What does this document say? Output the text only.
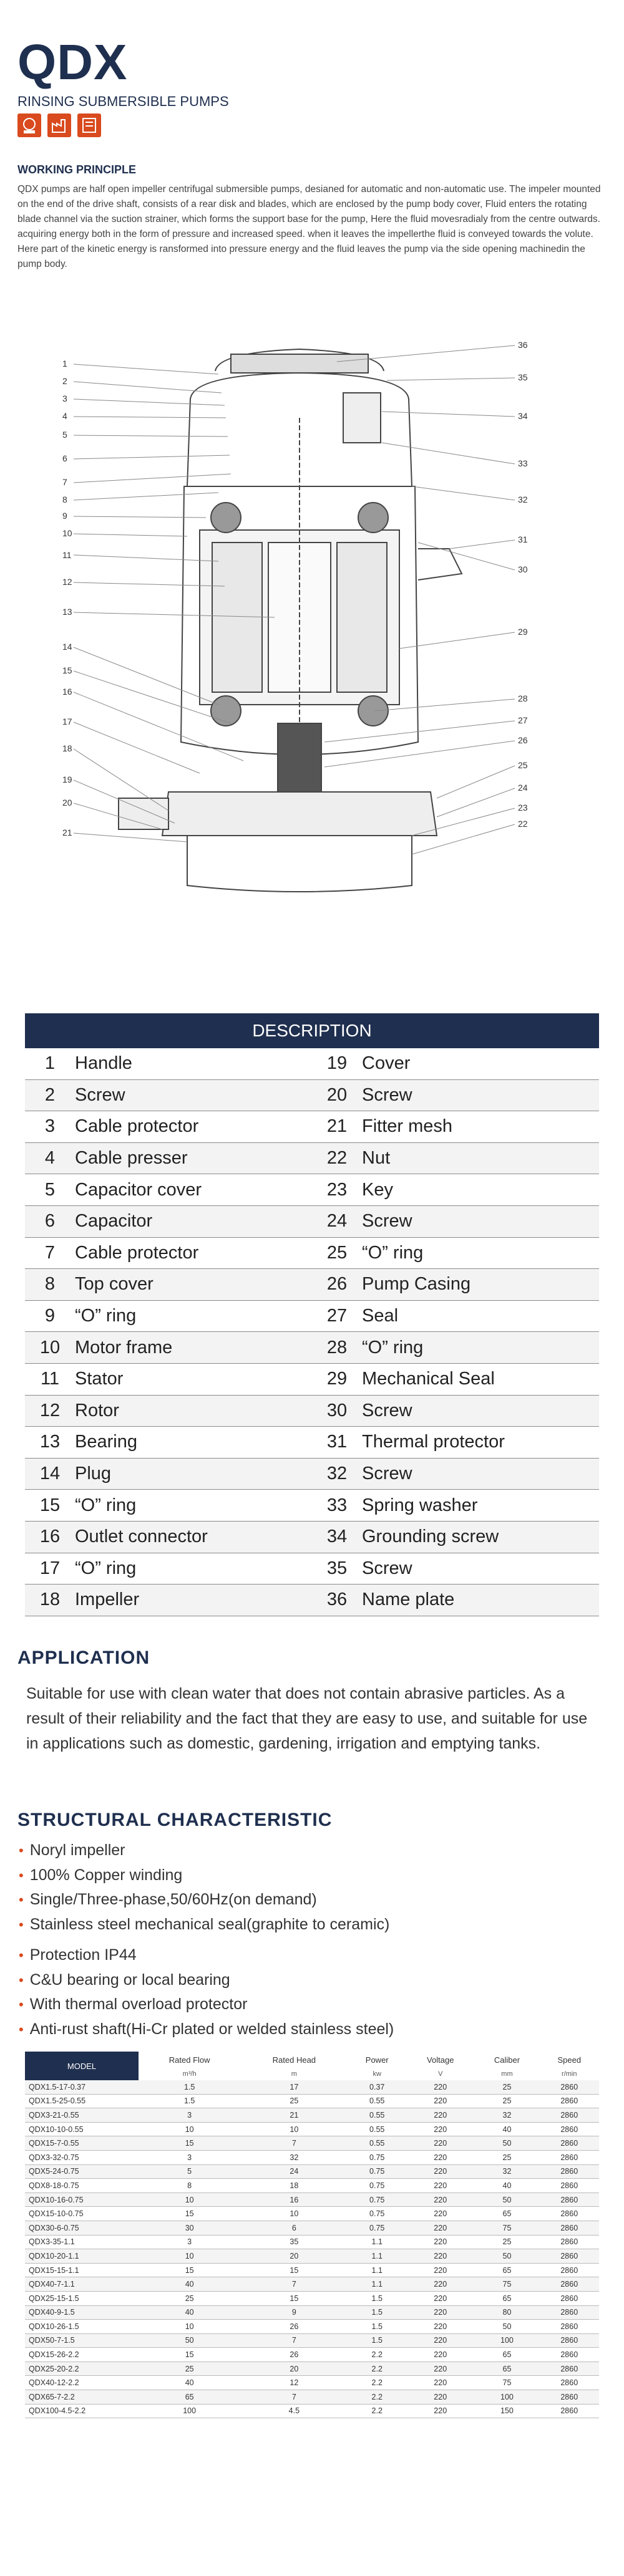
QDX

RINSING SUBMERSIBLE PUMPS

WORKING PRINCIPLE

QDX pumps are half open impeller centrifugal submersible pumps, desianed for automatic and non-automatic use. The impeler mounted on the end of the drive shaft, consists of a rear disk and blades, which are enclosed by the pump body cover, Fluid enters the rotating blade channel via the suction strainer, which forms the support base for the pump, Here the fluid movesradialy from the centre outwards. acquiring energy both in the form of pressure and increased speed. when it leaves the impellerthe fluid is conveyed towards the volute.
Here part of the kinetic energy is ransformed into pressure energy and the fluid leaves the pump via the side opening machinedin the pump body.

1
2
3
4
5
6
7
8
9
10
11
12
13
14
15
16
17
18
19
20
21
36
35
34
33
32
31
30
29
28
27
26
25
24
23
22
DESCRIPTION			
1	Handle	19	Cover
2	Screw	20	Screw
3	Cable protector	21	Fitter mesh
4	Cable presser	22	Nut
5	Capacitor cover	23	Key
6	Capacitor	24	Screw
7	Cable protector	25	“O” ring
8	Top cover	26	Pump Casing
9	“O” ring	27	Seal
10	Motor frame	28	“O” ring
11	Stator	29	Mechanical Seal
12	Rotor	30	Screw
13	Bearing	31	Thermal protector
14	Plug	32	Screw
15	“O” ring	33	Spring washer
16	Outlet connector	34	Grounding screw
17	“O” ring	35	Screw
18	Impeller	36	Name plate
APPLICATION

Suitable for use with clean water that does not contain abrasive particles. As a result of their reliability and the fact that they are easy to use, and suitable for use in applications such as domestic, gardening, irrigation and emptying tanks.

STRUCTURAL CHARACTERISTIC
• Noryl impeller
• 100% Copper winding
• Single/Three-phase,50/60Hz(on demand)
• Stainless steel mechanical seal(graphite to ceramic)
• Protection IP44
• C&U bearing or local bearing
• With thermal overload protector
• Anti-rust shaft(Hi-Cr plated or welded stainless steel)
MODEL	Rated Flow	Rated Head	Power	Voltage	Caliber	Speed
	m³/h	m	kw	V	mm	r/min
QDX1.5-17-0.37	1.5	17	0.37	220	25	2860
QDX1.5-25-0.55	1.5	25	0.55	220	25	2860
QDX3-21-0.55	3	21	0.55	220	32	2860
QDX10-10-0.55	10	10	0.55	220	40	2860
QDX15-7-0.55	15	7	0.55	220	50	2860
QDX3-32-0.75	3	32	0.75	220	25	2860
QDX5-24-0.75	5	24	0.75	220	32	2860
QDX8-18-0.75	8	18	0.75	220	40	2860
QDX10-16-0.75	10	16	0.75	220	50	2860
QDX15-10-0.75	15	10	0.75	220	65	2860
QDX30-6-0.75	30	6	0.75	220	75	2860
QDX3-35-1.1	3	35	1.1	220	25	2860
QDX10-20-1.1	10	20	1.1	220	50	2860
QDX15-15-1.1	15	15	1.1	220	65	2860
QDX40-7-1.1	40	7	1.1	220	75	2860
QDX25-15-1.5	25	15	1.5	220	65	2860
QDX40-9-1.5	40	9	1.5	220	80	2860
QDX10-26-1.5	10	26	1.5	220	50	2860
QDX50-7-1.5	50	7	1.5	220	100	2860
QDX15-26-2.2	15	26	2.2	220	65	2860
QDX25-20-2.2	25	20	2.2	220	65	2860
QDX40-12-2.2	40	12	2.2	220	75	2860
QDX65-7-2.2	65	7	2.2	220	100	2860
QDX100-4.5-2.2	100	4.5	2.2	220	150	2860
